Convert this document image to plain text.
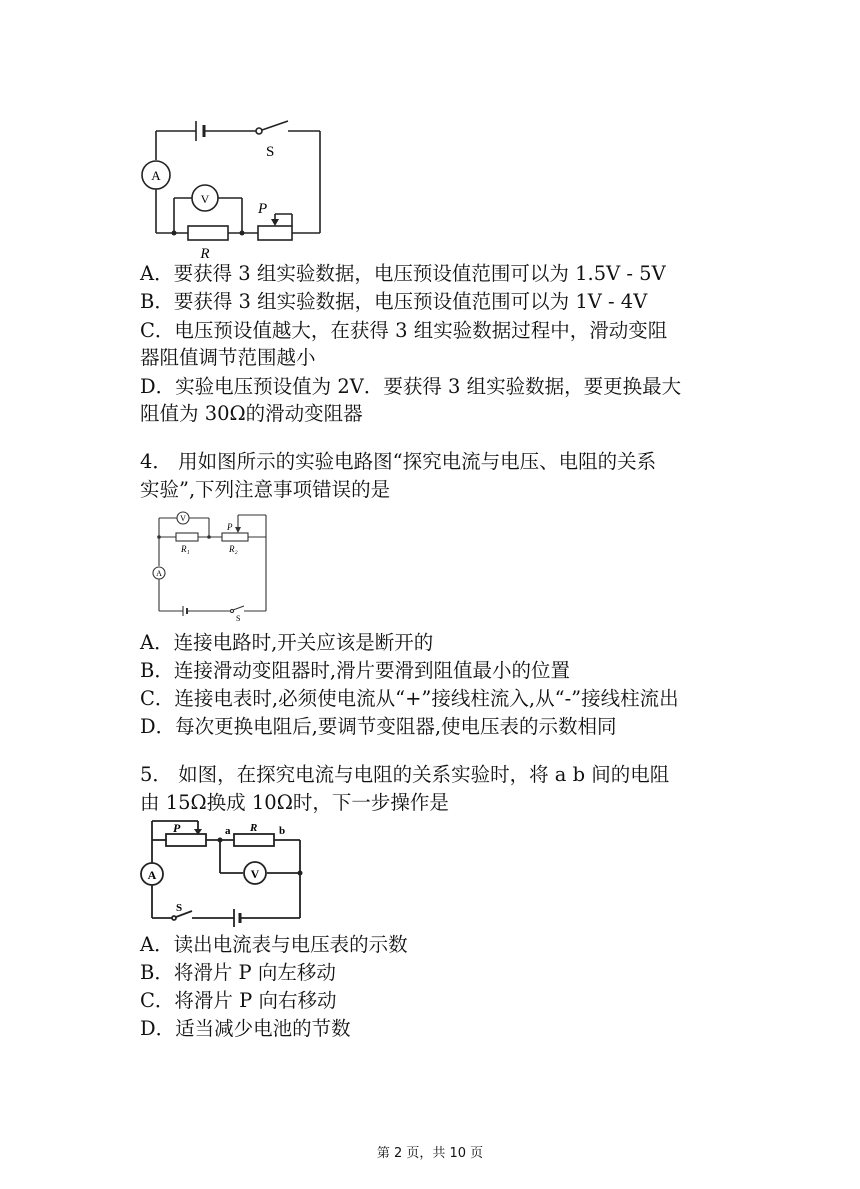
A
V
S
P
R
A．要获得 3 组实验数据，电压预设值范围可以为 1.5V ‐ 5V
B．要获得 3 组实验数据，电压预设值范围可以为 1V ‐ 4V
C．电压预设值越大，在获得 3 组实验数据过程中，滑动变阻
器阻值调节范围越小
D．实验电压预设值为 2V．要获得 3 组实验数据，要更换最大
阻值为 30Ω的滑动变阻器
4． 用如图所示的实验电路图“探究电流与电压、电阻的关系
实验”,下列注意事项错误的是
V
A
P
R₁	R₂
S
A．连接电路时,开关应该是断开的
B．连接滑动变阻器时,滑片要滑到阻值最小的位置
C．连接电表时,必须使电流从“+”接线柱流入,从“-”接线柱流出
D．每次更换电阻后,要调节变阻器,使电压表的示数相同
5． 如图，在探究电流与电阻的关系实验时，将 a b 间的电阻
由 15Ω换成 10Ω时，下一步操作是
A	V
P	a R b
S
A．读出电流表与电压表的示数
B．将滑片 P 向左移动
C．将滑片 P 向右移动
D．适当减少电池的节数
第 2 页，共 10 页
